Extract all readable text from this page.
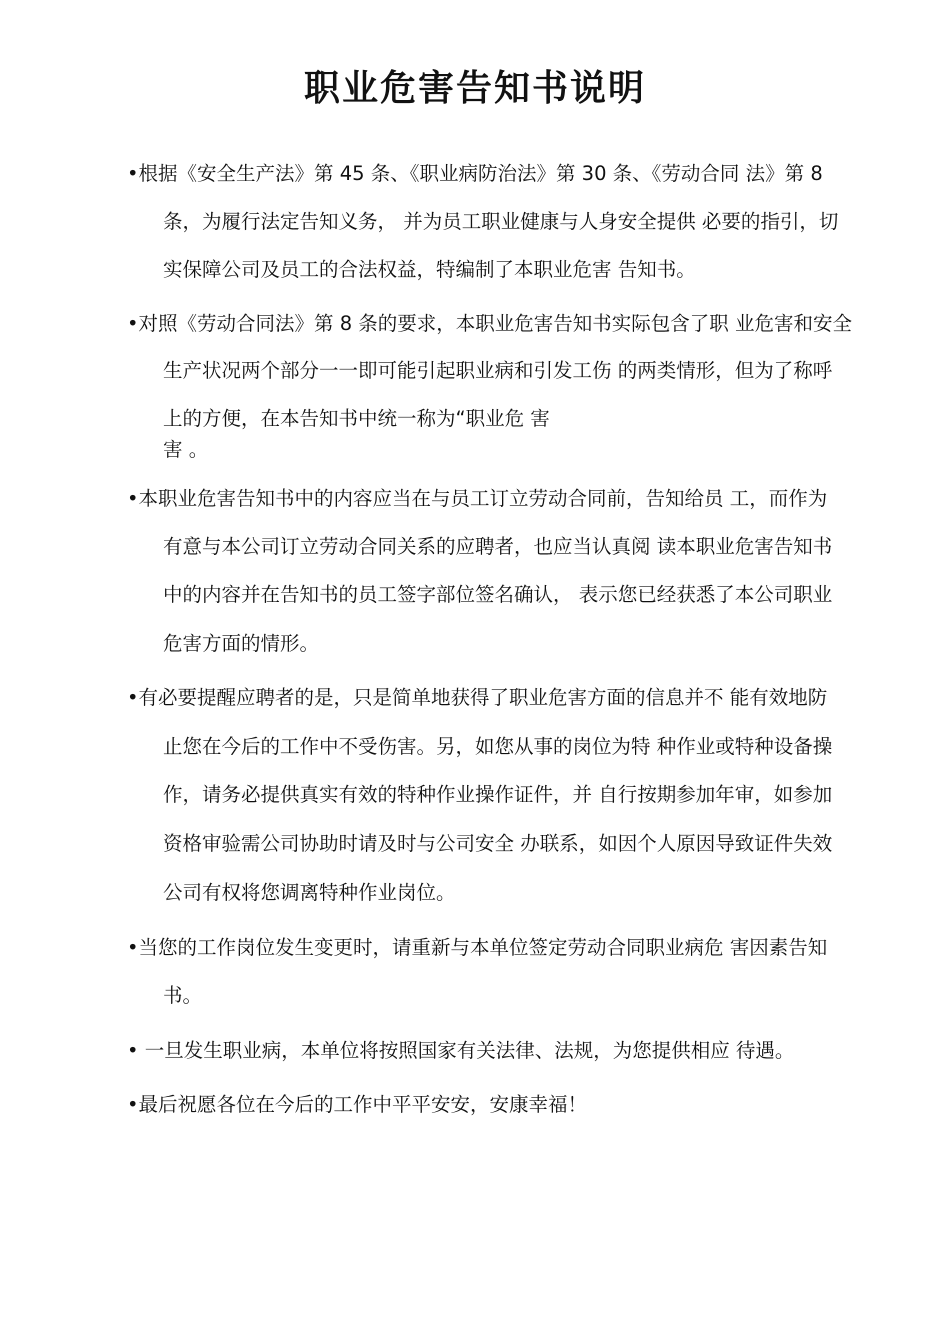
职业危害告知书说明
•根据《安全生产法》第 45 条、《职业病防治法》第 30 条、《劳动合同 法》第 8
条，为履行法定告知义务， 并为员工职业健康与人身安全提供 必要的指引，切
实保障公司及员工的合法权益，特编制了本职业危害 告知书。
•对照《劳动合同法》第 8 条的要求，本职业危害告知书实际包含了职 业危害和安全
生产状况两个部分一一即可能引起职业病和引发工伤 的两类情形，但为了称呼
上的方便，在本告知书中统一称为“职业危 害
害 。
•本职业危害告知书中的内容应当在与员工订立劳动合同前，告知给员 工，而作为
有意与本公司订立劳动合同关系的应聘者，也应当认真阅 读本职业危害告知书
中的内容并在告知书的员工签字部位签名确认， 表示您已经获悉了本公司职业
危害方面的情形。
•有必要提醒应聘者的是，只是简单地获得了职业危害方面的信息并不 能有效地防
止您在今后的工作中不受伤害。另，如您从事的岗位为特 种作业或特种设备操
作，请务必提供真实有效的特种作业操作证件，并 自行按期参加年审，如参加
资格审验需公司协助时请及时与公司安全 办联系，如因个人原因导致证件失效
公司有权将您调离特种作业岗位。
•当您的工作岗位发生变更时，请重新与本单位签定劳动合同职业病危 害因素告知
书。
• 一旦发生职业病，本单位将按照国家有关法律、法规，为您提供相应 待遇。
•最后祝愿各位在今后的工作中平平安安，安康幸福！
